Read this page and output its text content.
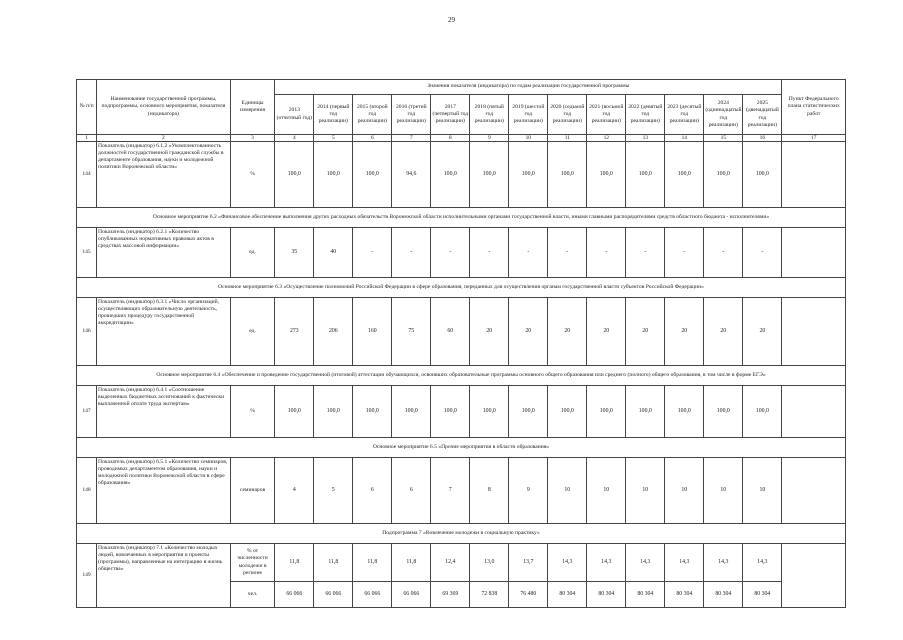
29
№ п/п	Наименование государственной программы, подпрограммы, основного мероприятия, показателя (индикатора)	Единицы измерения	Значения показателя (индикатора) по годам реализации государственной программы													Пункт Федерального плана статистических работ
			2013 (отчетный год)	2014 (первый год реализации)	2015 (второй год реализации)	2016 (третий год реализации)	2017 (четвертый год реализации)	2018 (пятый год реализации)	2019 (шестой год реализации)	2020 (седьмой год реализации)	2021 (восьмой год реализации)	2022 (девятый год реализации)	2023 (десятый год реализации)	2024 (одиннадцатый год реализации)	2025 (двенадцатый год реализации)	
1	2	3	4	5	6	7	8	9	10	11	12	13	14	15	16	17
144	Показатель (индикатор) 6.1.2 «Укомплектованность должностей государственной гражданской службы в департаменте образования, науки и молодежной политики Воронежской области»	%	100,0	100,0	100,0	94,6	100,0	100,0	100,0	100,0	100,0	100,0	100,0	100,0	100,0	
Основное мероприятие 6.2 «Финансовое обеспечение выполнения других расходных обязательств Воронежской области исполнительными органами государственной власти, иными главными распорядителями средств областного бюджета - исполнителями»																
145	Показатель (индикатор) 6.2.1 «Количество опубликованных нормативных правовых актов в средствах массовой информации»	ед.	35	40	-	-	-	-	-	-	-	-	-	-	-	
Основное мероприятие 6.3 «Осуществление полномочий Российской Федерации в сфере образования, переданных для осуществления органам государственной власти субъектов Российской Федерации»																
146	Показатель (индикатор) 6.3.1 «Число организаций, осуществляющих образовательную деятельность, прошедших процедуру государственной аккредитации»	ед.	273	206	160	75	60	20	20	20	20	20	20	20	20	
Основное мероприятие 6.4 «Обеспечение и проведение государственной (итоговой) аттестации обучающихся, освоивших образовательные программы основного общего образования или среднего (полного) общего образования, в том числе в форме ЕГЭ»																
147	Показатель (индикатор) 6.4.1 «Соотношение выделенных бюджетных ассигнований к фактически выплаченной оплате труда экспертам»	%	100,0	100,0	100,0	100,0	100,0	100,0	100,0	100,0	100,0	100,0	100,0	100,0	100,0	
Основное мероприятие 6.5 «Прочие мероприятия в области образования»																
148	Показатель (индикатор) 6.5.1 «Количество семинаров, проводимых департаментом образования, науки и молодежной политики Воронежской области в сфере образования»	семинаров	4	5	6	6	7	8	9	10	10	10	10	10	10	
Подпрограмма 7 «Вовлечение молодежи в социальную практику»																
149	Показатель (индикатор) 7.1 «Количество молодых людей, вовлеченных в мероприятия и проекты (программы), направленные на интеграцию в жизнь общества»	% от численности молодежи в регионе	11,8	11,8	11,8	11,8	12,4	13,0	13,7	14,3	14,3	14,3	14,3	14,3	14,3	
		чел.	66 066	66 066	66 066	66 066	69 369	72 838	76 480	80 304	80 304	80 304	80 304	80 304	80 304	
